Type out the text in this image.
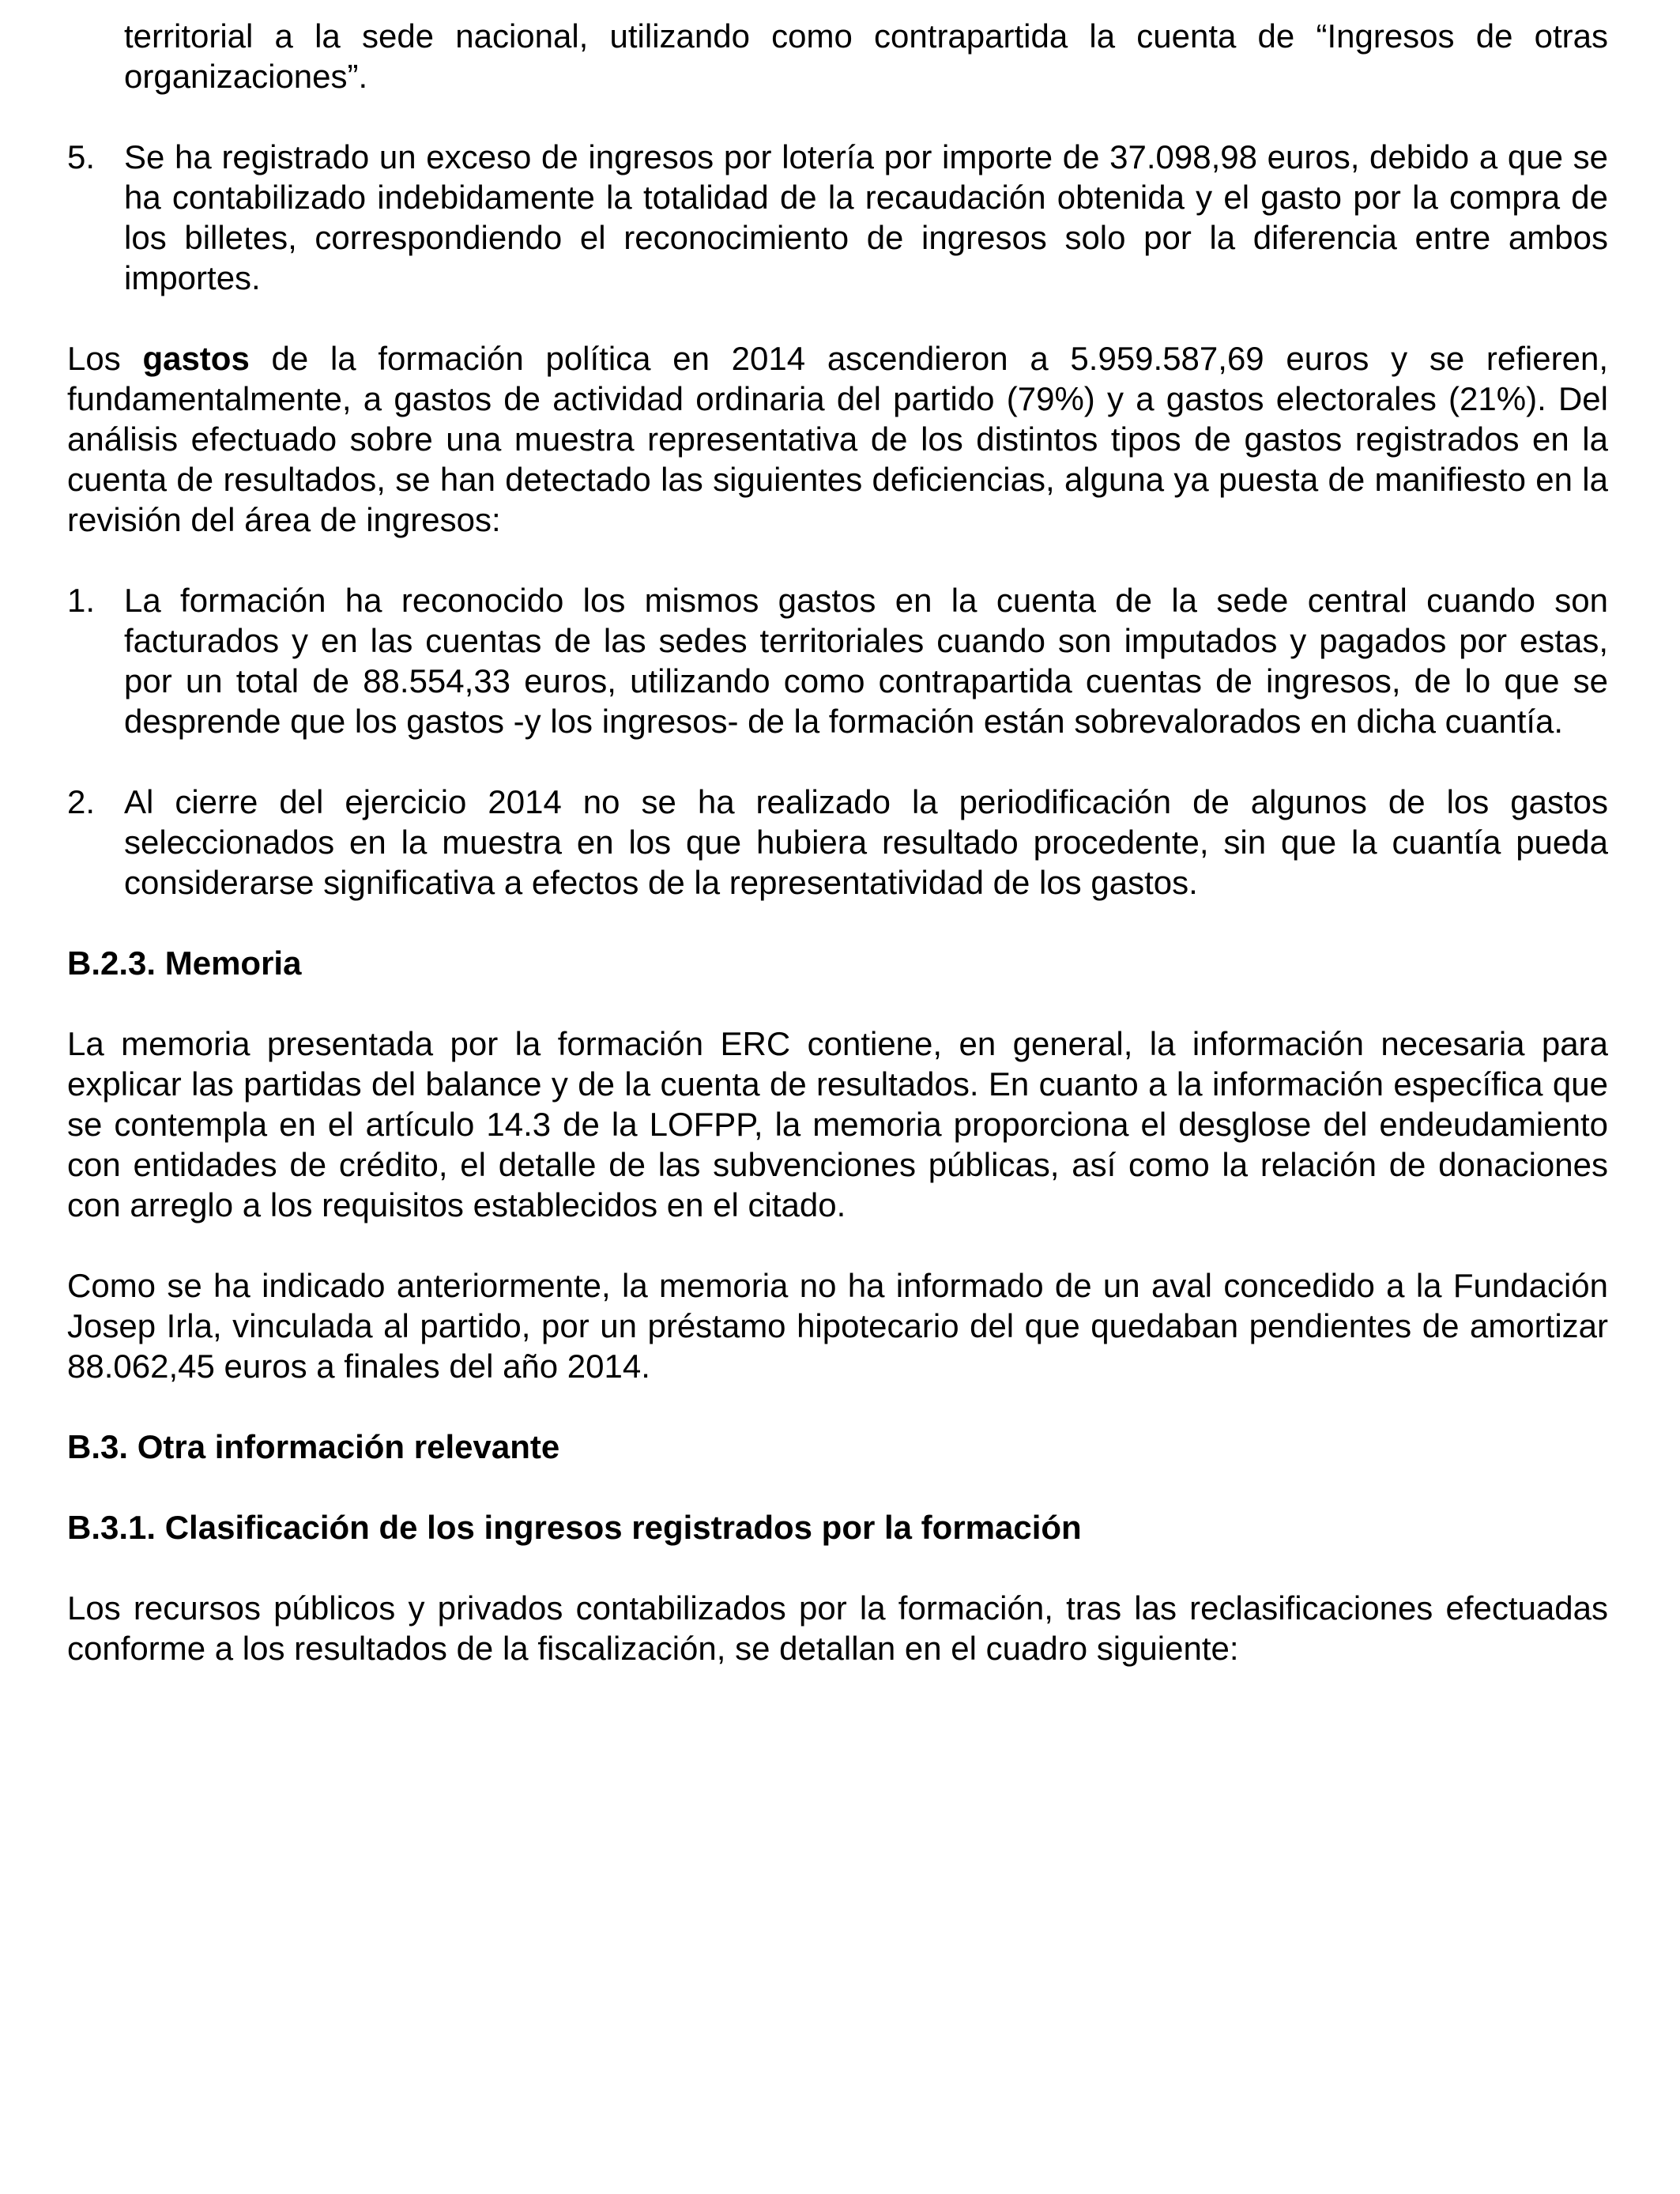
territorial a la sede nacional, utilizando como contrapartida la cuenta de “Ingresos de otras organizaciones”.

5. Se ha registrado un exceso de ingresos por lotería por importe de 37.098,98 euros, debido a que se ha contabilizado indebidamente la totalidad de la recaudación obtenida y el gasto por la compra de los billetes, correspondiendo el reconocimiento de ingresos solo por la diferencia entre ambos importes.

Los gastos de la formación política en 2014 ascendieron a 5.959.587,69 euros y se refieren, fundamentalmente, a gastos de actividad ordinaria del partido (79%) y a gastos electorales (21%). Del análisis efectuado sobre una muestra representativa de los distintos tipos de gastos registrados en la cuenta de resultados, se han detectado las siguientes deficiencias, alguna ya puesta de manifiesto en la revisión del área de ingresos:

1. La formación ha reconocido los mismos gastos en la cuenta de la sede central cuando son facturados y en las cuentas de las sedes territoriales cuando son imputados y pagados por estas, por un total de 88.554,33 euros, utilizando como contrapartida cuentas de ingresos, de lo que se desprende que los gastos -y los ingresos- de la formación están sobrevalorados en dicha cuantía.
2. Al cierre del ejercicio 2014 no se ha realizado la periodificación de algunos de los gastos seleccionados en la muestra en los que hubiera resultado procedente, sin que la cuantía pueda considerarse significativa a efectos de la representatividad de los gastos.

B.2.3. Memoria

La memoria presentada por la formación ERC contiene, en general, la información necesaria para explicar las partidas del balance y de la cuenta de resultados. En cuanto a la información específica que se contempla en el artículo 14.3 de la LOFPP, la memoria proporciona el desglose del endeudamiento con entidades de crédito, el detalle de las subvenciones públicas, así como la relación de donaciones con arreglo a los requisitos establecidos en el citado.

Como se ha indicado anteriormente, la memoria no ha informado de un aval concedido a la Fundación Josep Irla, vinculada al partido, por un préstamo hipotecario del que quedaban pendientes de amortizar 88.062,45 euros a finales del año 2014.

B.3. Otra información relevante

B.3.1. Clasificación de los ingresos registrados por la formación

Los recursos públicos y privados contabilizados por la formación, tras las reclasificaciones efectuadas conforme a los resultados de la fiscalización, se detallan en el cuadro siguiente:
